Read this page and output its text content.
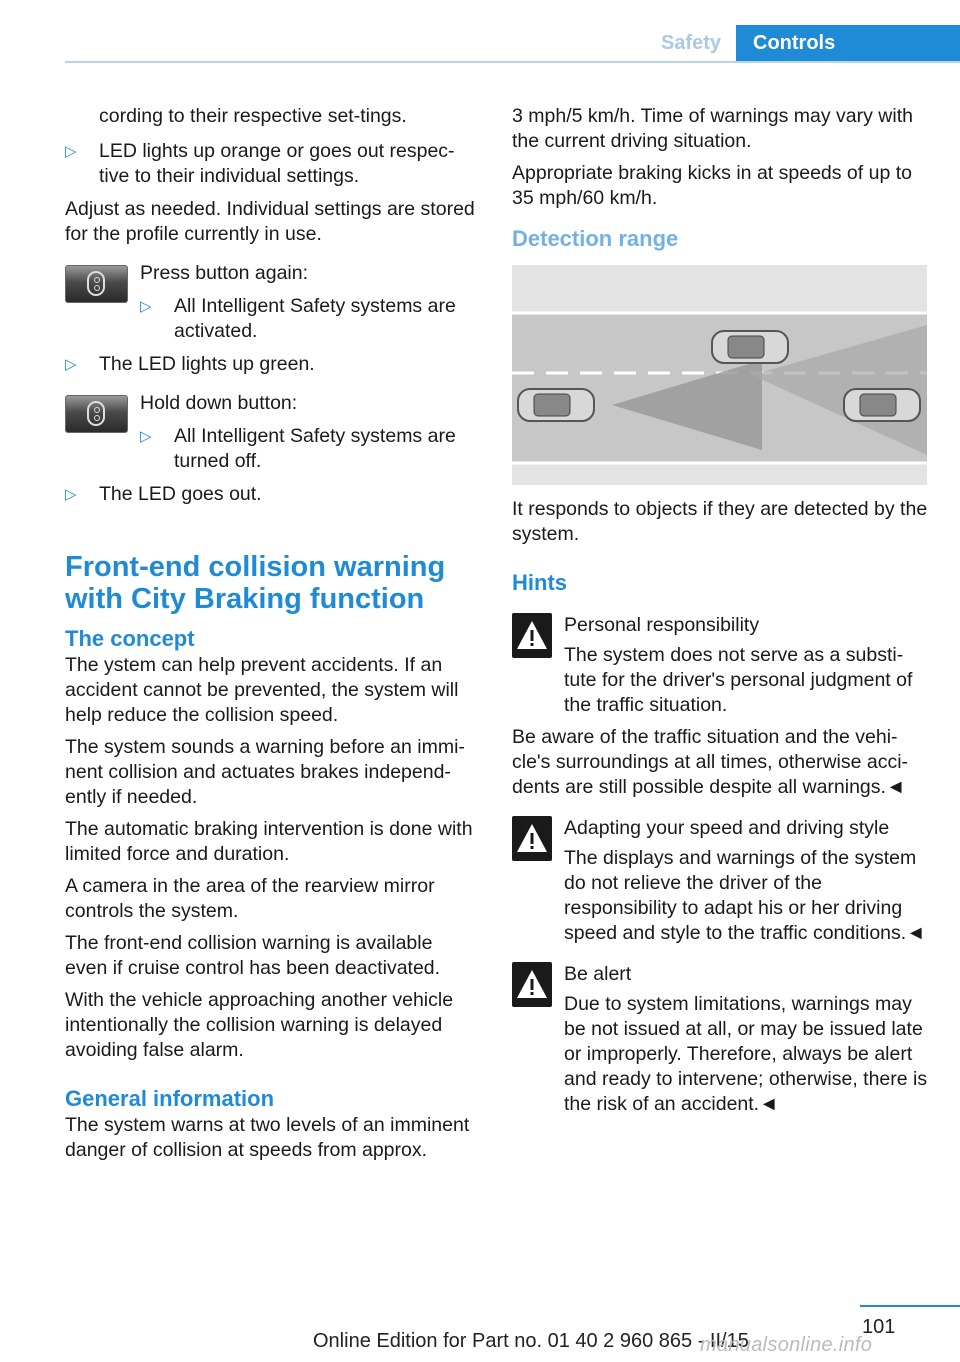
Safety	Controls

cording to their respective set-tings.

▷ LED lights up orange or goes out respec-tive to their individual settings.

Adjust as needed. Individual settings are stored for the profile currently in use.

Press button again:
▷ All Intelligent Safety systems are activated.
▷ The LED lights up green.
Hold down button:
▷ All Intelligent Safety systems are turned off.
▷ The LED goes out.
Front-end collision warning with City Braking function
The concept

The ystem can help prevent accidents. If an accident cannot be prevented, the system will help reduce the collision speed.

The system sounds a warning before an immi-nent collision and actuates brakes independ-ently if needed.

The automatic braking intervention is done with limited force and duration.

A camera in the area of the rearview mirror controls the system.

The front-end collision warning is available even if cruise control has been deactivated.

With the vehicle approaching another vehicle intentionally the collision warning is delayed avoiding false alarm.

General information

The system warns at two levels of an imminent danger of collision at speeds from approx.

3 mph/5 km/h. Time of warnings may vary with the current driving situation.

Appropriate braking kicks in at speeds of up to 35 mph/60 km/h.

Detection range

It responds to objects if they are detected by the system.

Hints
Personal responsibility

The system does not serve as a substi-tute for the driver's personal judgment of the traffic situation.

Be aware of the traffic situation and the vehi-cle's surroundings at all times, otherwise acci-dents are still possible despite all warnings.◄

Adapting your speed and driving style

The displays and warnings of the system do not relieve the driver of the responsibility to adapt his or her driving speed and style to the traffic conditions.◄

Be alert

Due to system limitations, warnings may be not issued at all, or may be issued late or improperly. Therefore, always be alert and ready to intervene; otherwise, there is the risk of an accident.◄

101
Online Edition for Part no. 01 40 2 960 865 - II/15
manualsonline.info
